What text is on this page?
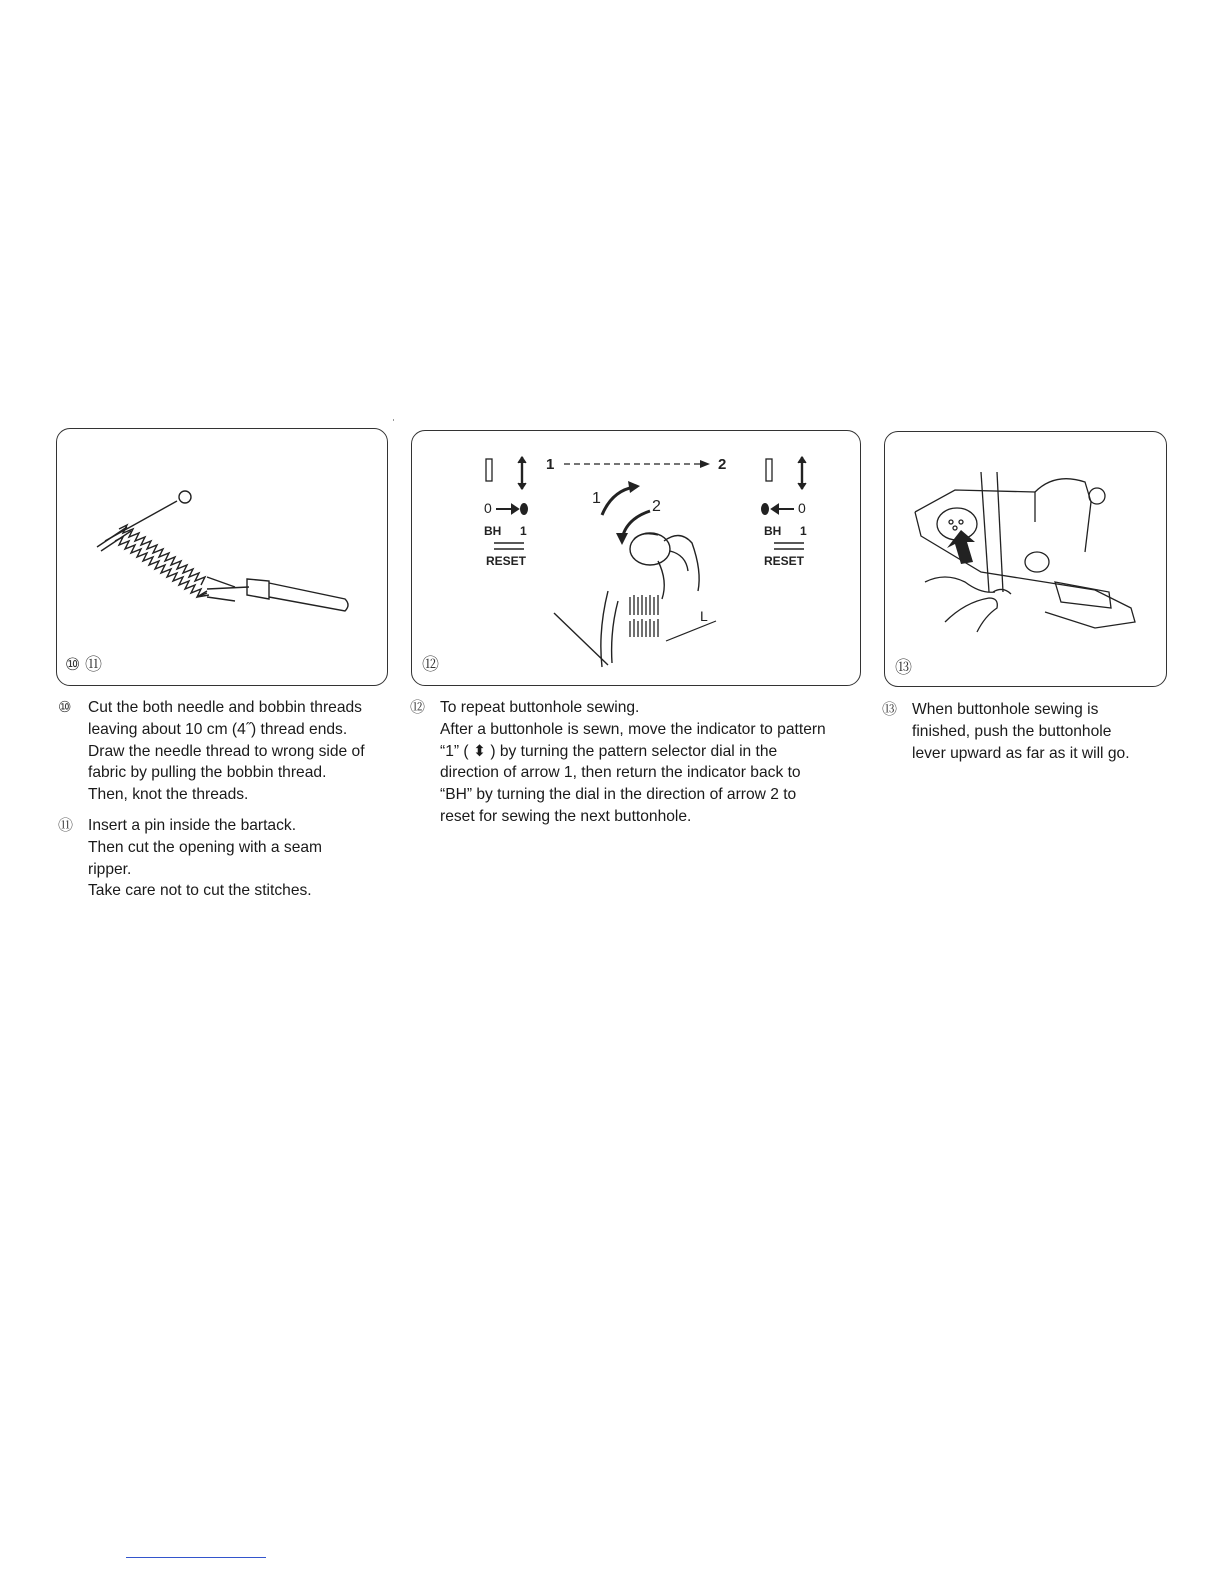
⑩ ⑪
0
BH 1
RESET
1	2
0
BH 1
RESET
1	2
L
⑫	⑬

⑩ Cut the both needle and bobbin threads
leaving about 10 cm (4˝) thread ends.
Draw the needle thread to wrong side of
fabric by pulling the bobbin thread.
Then, knot the threads.

⑪ Insert a pin inside the bartack.
Then cut the opening with a seam
ripper.
Take care not to cut the stitches.

⑫ To repeat buttonhole sewing.
After a buttonhole is sewn, move the indicator to pattern
“1” ( ⬍ ) by turning the pattern selector dial in the
direction of arrow 1, then return the indicator back to
“BH” by turning the dial in the direction of arrow 2 to
reset for sewing the next buttonhole.

⑬ When buttonhole sewing is
finished, push the buttonhole
lever upward as far as it will go.
